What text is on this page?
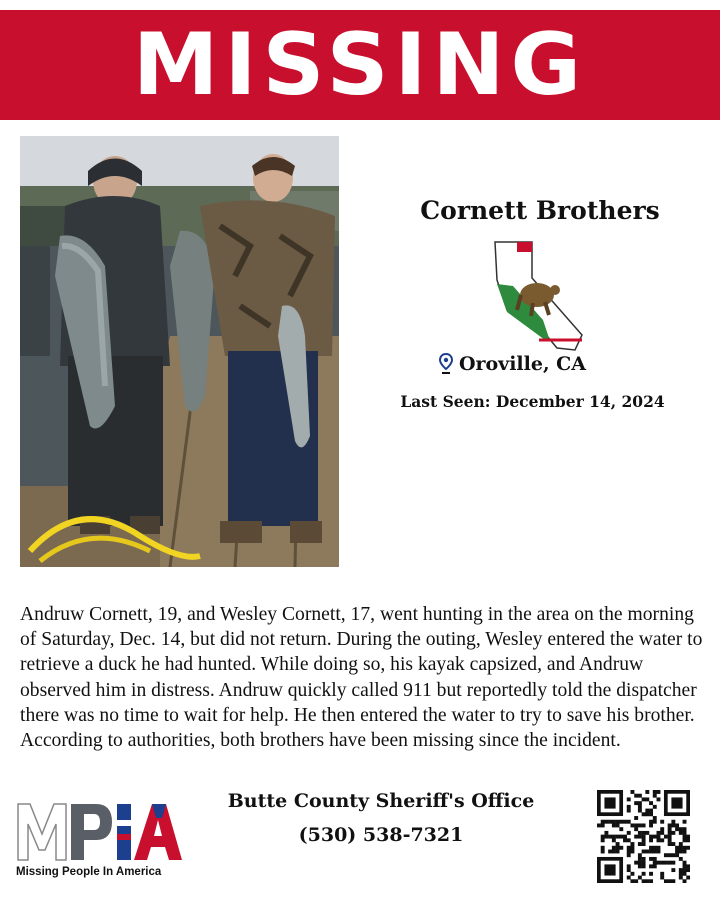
MISSING
Cornett Brothers
Oroville, CA
Last Seen: December 14, 2024
Andruw Cornett, 19, and Wesley Cornett, 17, went hunting in the area on the morning of Saturday, Dec. 14, but did not return. During the outing, Wesley entered the water to retrieve a duck he had hunted. While doing so, his kayak capsized, and Andruw observed him in distress. Andruw quickly called 911 but reportedly told the dispatcher there was no time to wait for help. He then entered the water to try to save his brother. According to authorities, both brothers have been missing since the incident.
Missing People In America
Butte County Sheriff's Office
(530) 538-7321
